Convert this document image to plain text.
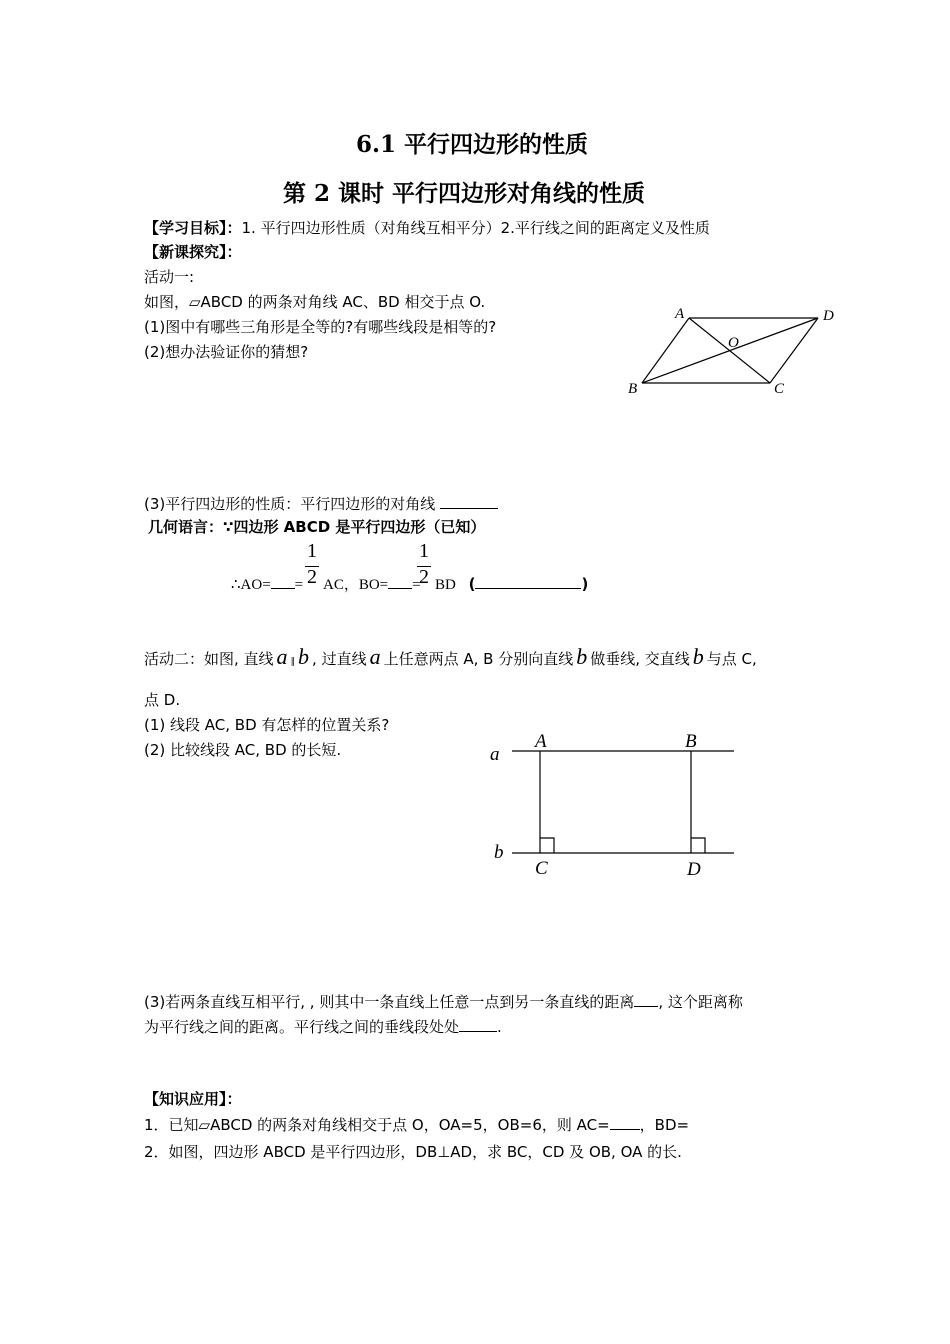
6.1 平行四边形的性质
第 2 课时 平行四边形对角线的性质
【学习目标】：1. 平行四边形性质（对角线互相平分）2.平行线之间的距离定义及性质
【新课探究】：
活动一:
如图，▱ABCD 的两条对角线 AC、BD 相交于点 O.
(1)图中有哪些三角形是全等的?有哪些线段是相等的?
(2)想办法验证你的猜想?
A	D
O
B	C
(3)平行四边形的性质：平行四边形的对角线
几何语言：∵四边形 ABCD 是平行四边形（已知）
1
2
1
2
∴AO= = AC，BO= = BD (	)
活动二：如图, 直线 a ∥ b , 过直线 a 上任意两点 A, B 分别向直线 b 做垂线, 交直线 b 与点 C,
点 D.
(1) 线段 AC, BD 有怎样的位置关系?
(2) 比较线段 AC, BD 的长短.	a
b
A	B
C	D
(3)若两条直线互相平行, , 则其中一条直线上任意一点到另一条直线的距离 , 这个距离称
为平行线之间的距离。平行线之间的垂线段处处	.
【知识应用】：
1．已知▱ABCD 的两条对角线相交于点 O，OA=5，OB=6，则 AC= ，BD=
2．如图，四边形 ABCD 是平行四边形，DB⊥AD，求 BC，CD 及 OB, OA 的长.
